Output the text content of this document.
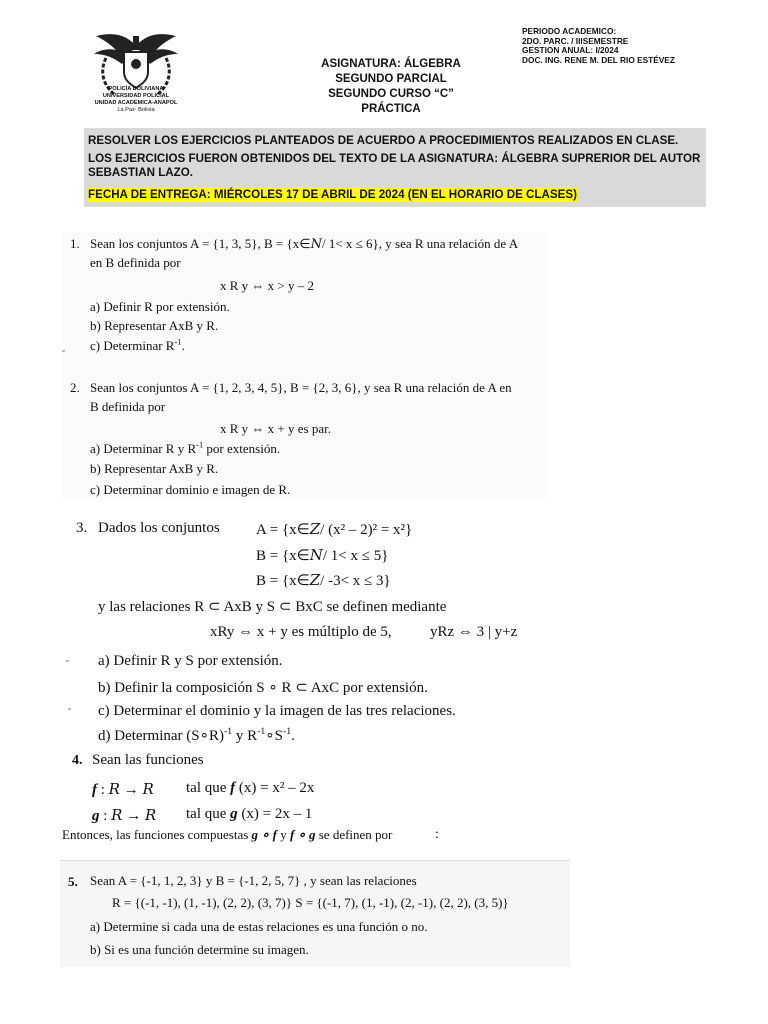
POLICÍA BOLIVIANA
UNIVERSIDAD POLICIAL
UNIDAD ACADEMICA-ANAPOL
La Paz- Bolivia
ASIGNATURA: ÁLGEBRA
SEGUNDO PARCIAL
SEGUNDO CURSO “C”
PRÁCTICA
PERIODO ACADEMICO:
2DO. PARC. / IIISEMESTRE
GESTION ANUAL: I/2024
DOC. ING. RENE M. DEL RIO ESTÉVEZ
RESOLVER LOS EJERCICIOS PLANTEADOS DE ACUERDO A PROCEDIMIENTOS REALIZADOS EN CLASE.
LOS EJERCICIOS FUERON OBTENIDOS DEL TEXTO DE LA ASIGNATURA: ÁLGEBRA SUPRERIOR DEL AUTOR SEBASTIAN LAZO.
FECHA DE ENTREGA: MIÉRCOLES 17 DE ABRIL DE 2024 (EN EL HORARIO DE CLASES)
1. Sean los conjuntos A = {1, 3, 5}, B = {x∈N/ 1< x ≤ 6}, y sea R una relación de A
en B definida por
x R y ⇔ x > y – 2
a) Definir R por extensión.
b) Representar AxB y R.
c) Determinar $R^{-1}$.
2. Sean los conjuntos A = {1, 2, 3, 4, 5}, B = {2, 3, 6}, y sea R una relación de A en
B definida por
x R y ⇔ x + y es par.
a) Determinar R y $R^{-1}$ por extensión.
b) Representar AxB y R.
c) Determinar dominio e imagen de R.
3. Dados los conjuntos A = {x∈Z/ (x² – 2)² = x²}
B = {x∈N/ 1< x ≤ 5}
B = {x∈Z/ -3< x ≤ 3}
y las relaciones R ⊂ AxB y S ⊂ BxC se definen mediante
xRy ⇔ x + y es múltiplo de 5,	yRz ⇔ 3 | y+z
a) Definir R y S por extensión.
b) Definir la composición S ∘ R ⊂ AxC por extensión.
c) Determinar el dominio y la imagen de las tres relaciones.
d) Determinar (S∘R)$^{-1}$ y $R^{-1}\circ S^{-1}$.
4. Sean las funciones
f : R → R tal que f (x) = x² – 2x
g : R → R tal que g (x) = 2x – 1
Entonces, las funciones compuestas g ∘ f y f ∘ g se definen por	:
5. Sean A = {-1, 1, 2, 3} y B = {-1, 2, 5, 7} , y sean las relaciones
R = {(-1, -1), (1, -1), (2, 2), (3, 7)} S = {(-1, 7), (1, -1), (2, -1), (2, 2), (3, 5)}
a) Determine si cada una de estas relaciones es una función o no.
b) Si es una función determine su imagen.
